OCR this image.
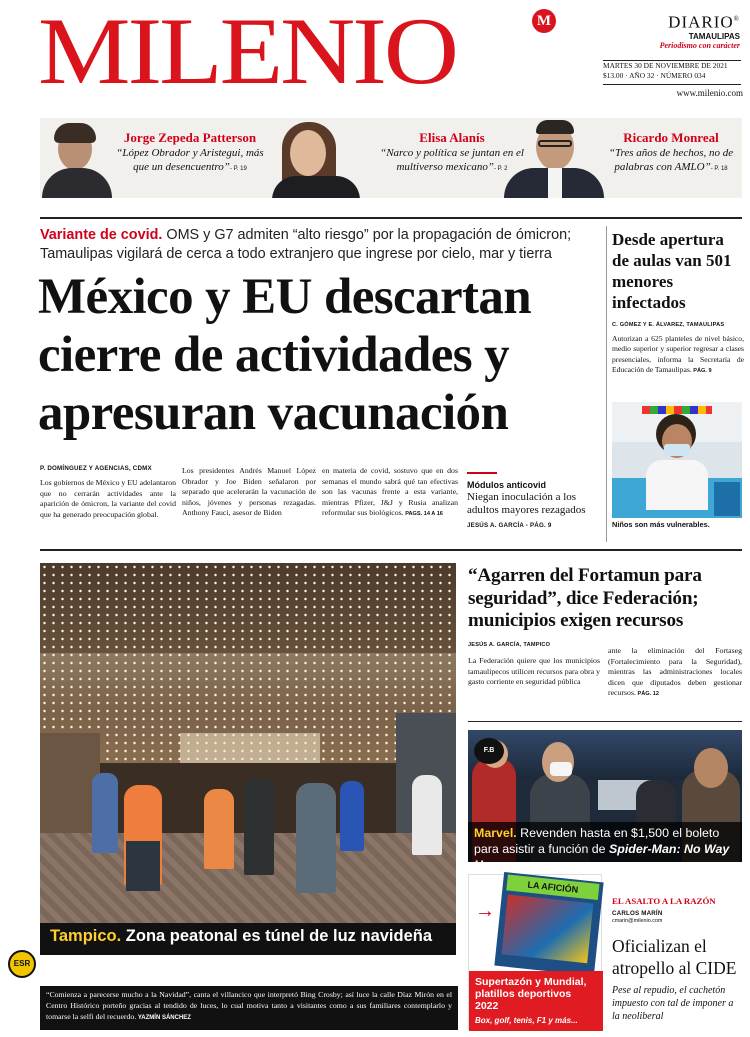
MILENIO	M	DIARIO®
TAMAULIPAS
Periodismo con carácter
MARTES 30 DE NOVIEMBRE DE 2021
$13.00 · AÑO 32 · NÚMERO 034
www.milenio.com
Jorge Zepeda Patterson
“López Obrador y Aristegui, más que un desencuentro”- P. 19
Elisa Alanís
“Narco y política se juntan en el multiverso mexicano”- P. 2
Ricardo Monreal
“Tres años de hechos, no de palabras con AMLO”- P. 18
Variante de covid. OMS y G7 admiten “alto riesgo” por la propagación de ómicron; Tamaulipas vigilará de cerca a todo extranjero que ingrese por cielo, mar y tierra
México y EU descartan
cierre de actividades y
apresuran vacunación
P. DOMÍNGUEZ Y AGENCIAS, CDMX
Los gobiernos de México y EU adelantaron que no cerrarán actividades ante la aparición de ómicron, la variante del covid que ha generado preocupación global.
Los presidentes Andrés Manuel López Obrador y Joe Biden señalaron por separado que acelerarán la vacunación de niños, jóvenes y personas rezagadas. Anthony Fauci, asesor de Biden
en materia de covid, sostuvo que en dos semanas el mundo sabrá qué tan efectivas son las vacunas frente a esta variante, mientras Pfizer, J&J y Rusia analizan reformular sus biológicos. PAGS. 14 A 16
Módulos anticovid
Niegan inoculación a los adultos mayores rezagados
JESÚS A. GARCÍA - PÁG. 9
Desde apertura de aulas van 501 menores infectados
C. GÓMEZ Y E. ÁLVAREZ, TAMAULIPAS
Autorizan a 625 planteles de nivel básico, medio superior y superior regresar a clases presenciales, informa la Secretaría de Educación de Tamaulipas. PÁG. 9
Niños son más vulnerables.
Tampico. Zona peatonal es túnel de luz navideña
“Comienza a parecerse mucho a la Navidad”, canta el villancico que interpretó Bing Crosby; así luce la calle Díaz Mirón en el Centro Histórico porteño gracias al tendido de luces, lo cual motiva tanto a visitantes como a sus familiares contemplarlo y tomarse la selfi del recuerdo. YAZMÍN SÁNCHEZ
ESR
“Agarren del Fortamun para seguridad”, dice Federación; municipios exigen recursos
JESÚS A. GARCÍA, TAMPICO
La Federación quiere que los municipios tamaulipecos utilicen recursos para obra y gasto corriente en seguridad pública
ante la eliminación del Fortaseg (Fortalecimiento para la Seguridad), mientras las administraciones locales dicen que diputados deben gestionar recursos. PÁG. 12
F.B
Marvel. Revenden hasta en $1,500 el boleto para asistir a función de Spider-Man: No Way Home
LA AFICIÓN
→
Supertazón y Mundial, platillos deportivos 2022
Box, golf, tenis, F1 y más...
EL ASALTO A LA RAZÓN
CARLOS MARÍN
cmarin@milenio.com
Oficializan el atropello al CIDE
Pese al repudio, el cachetón impuesto con tal de imponer a la neoliberal
